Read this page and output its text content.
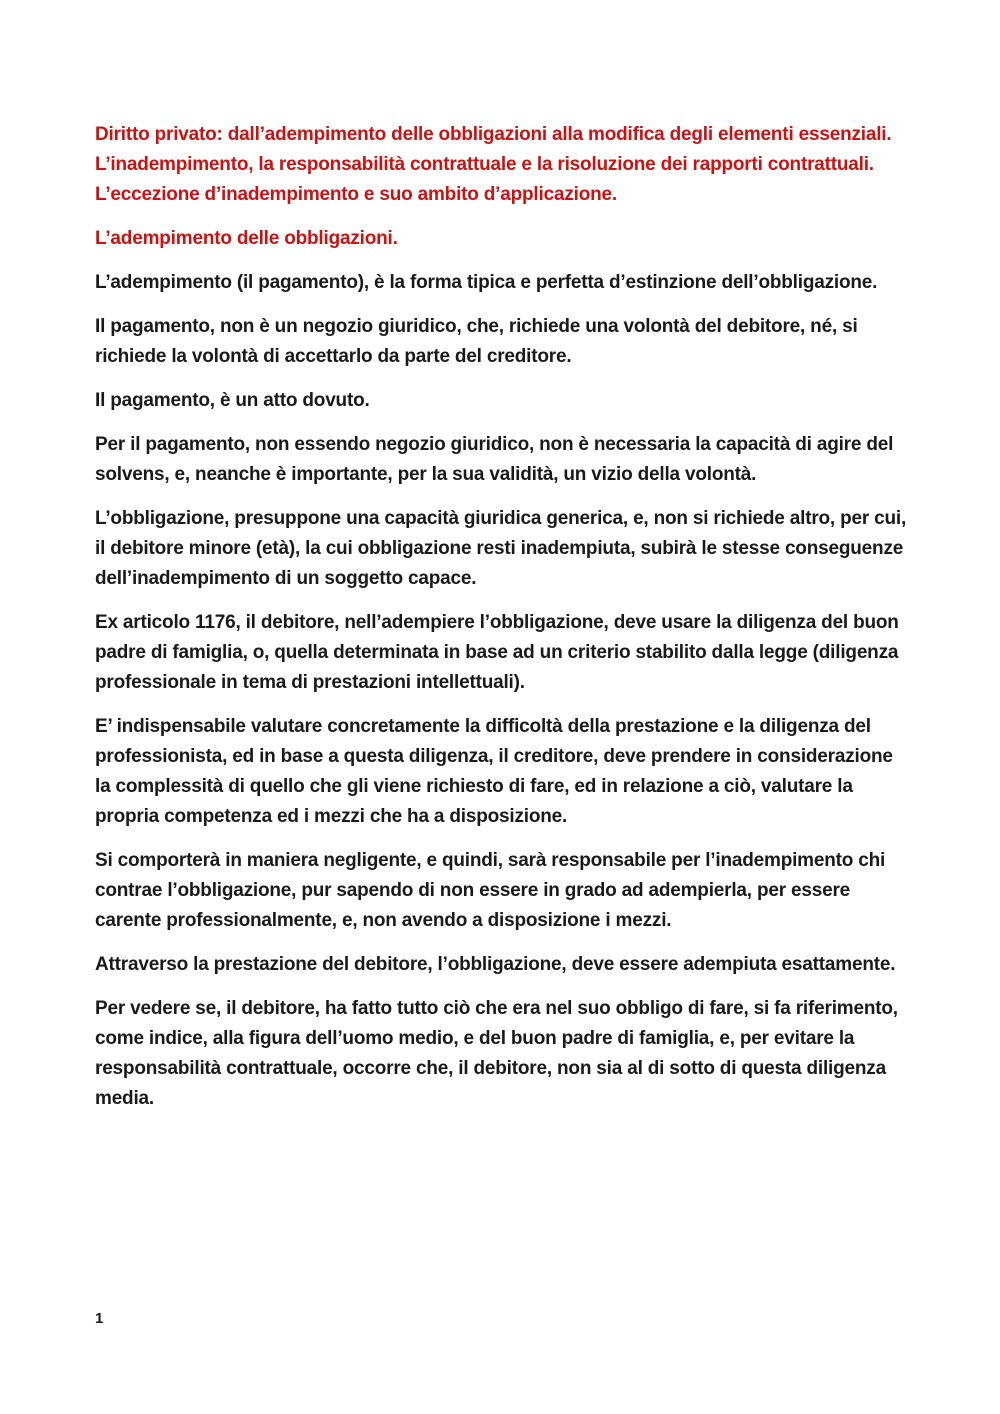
Diritto privato: dall’adempimento delle obbligazioni alla modifica degli elementi essenziali. L’inadempimento, la responsabilità contrattuale e la risoluzione dei rapporti contrattuali. L’eccezione d’inadempimento e suo ambito d’applicazione.

L’adempimento delle obbligazioni.

L’adempimento (il pagamento), è la forma tipica e perfetta d’estinzione dell’obbligazione.

Il pagamento, non è un negozio giuridico, che, richiede una volontà del debitore, né, si richiede la volontà di accettarlo da parte del creditore.

Il pagamento, è un atto dovuto.

Per il pagamento, non essendo negozio giuridico, non è necessaria la capacità di agire del solvens, e, neanche è importante, per la sua validità, un vizio della volontà.

L’obbligazione, presuppone una capacità giuridica generica, e, non si richiede altro, per cui, il debitore minore (età), la cui obbligazione resti inadempiuta, subirà le stesse conseguenze dell’inadempimento di un soggetto capace.

Ex articolo 1176, il debitore, nell’adempiere l’obbligazione, deve usare la diligenza del buon padre di famiglia, o, quella determinata in base ad un criterio stabilito dalla legge (diligenza professionale in tema di prestazioni intellettuali).

E’ indispensabile valutare concretamente la difficoltà della prestazione e la diligenza del professionista, ed in base a questa diligenza, il creditore, deve prendere in considerazione la complessità di quello che gli viene richiesto di fare, ed in relazione a ciò, valutare la propria competenza ed i mezzi che ha a disposizione.

Si comporterà in maniera negligente, e quindi, sarà responsabile per l’inadempimento chi contrae l’obbligazione, pur sapendo di non essere in grado ad adempierla, per essere carente professionalmente, e, non avendo a disposizione i mezzi.

Attraverso la prestazione del debitore, l’obbligazione, deve essere adempiuta esattamente.

Per vedere se, il debitore, ha fatto tutto ciò che era nel suo obbligo di fare, si fa riferimento, come indice, alla figura dell’uomo medio, e del buon padre di famiglia, e, per evitare la responsabilità contrattuale, occorre che, il debitore, non sia al di sotto di questa diligenza media.

1
